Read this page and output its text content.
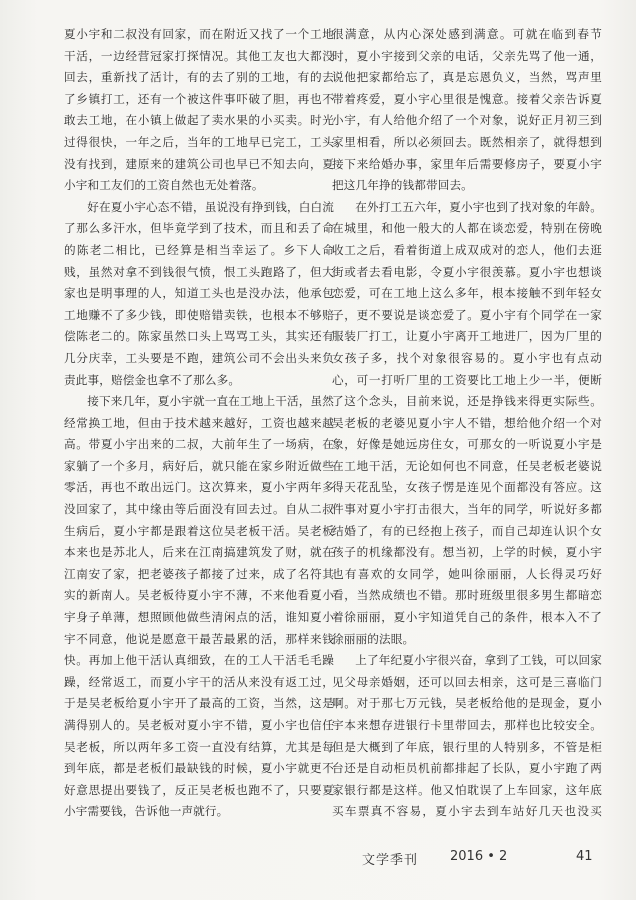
夏小宇和二叔没有回家，而在附近又找了一个工地干活，一边经营冠家打探情况。其他工友也大都没回去，重新找了活计，有的去了别的工地，有的去了乡镇打工，还有一个被这件事吓破了胆，再也不敢去工地，在小镇上做起了卖水果的小买卖。时光过得很快，一年之后，当年的工地早已完工，工头没有找到，建原来的建筑公司也早已不知去向，夏小宇和工友们的工资自然也无处着落。

好在夏小宇心态不错，虽说没有挣到钱，白白流了那么多汗水，但毕竟学到了技术，而且和丢了命的陈老二相比，已经算是相当幸运了。乡下人命贱，虽然对拿不到钱很气愤，恨工头跑路了，但大家也是明事理的人，知道工头也是没办法，他承包工地赚不了多少钱，即使赔错卖铁，也根本不够赔偿陈老二的。陈家虽然口头上骂骂工头，其实还有几分庆幸，工头要是不跑，建筑公司不会出头来负责此事，赔偿金也拿不了那么多。

接下来几年，夏小宇就一直在工地上干活，虽然经常换工地，但由于技术越来越好，工资也越来越高。带夏小宇出来的二叔，大前年生了一场病，在家躺了一个多月，病好后，就只能在家乡附近做些零活，再也不敢出远门。这次算来，夏小宇两年多没回家了，其中缘由等后面没有回去过。自从二叔生病后，夏小宇都是跟着这位吴老板干活。吴老板本来也是苏北人，后来在江南搞建筑发了财，就在江南安了家，把老婆孩子都接了过来，成了名符其实的新南人。吴老板待夏小宇不薄，不来他看夏小宇身子单薄，想照顾他做些清闲点的活，谁知夏小宇不同意，他说是愿意干最苦最累的活，那样来钱快。再加上他干活认真细致，在的工人干活毛毛躁躁，经常返工，而夏小宇干的活从来没有返工过，于是吴老板给夏小宇开了最高的工资，当然，这是满得别人的。吴老板对夏小宇不错，夏小宇也信任吴老板，所以两年多工资一直没有结算，尤其是每到年底，都是老板们最缺钱的时候，夏小宇就更不好意思提出要钱了，反正吴老板也跑不了，只要夏小宇需要钱，告诉他一声就行。

很满意，从内心深处感到满意。可就在临到春节时，夏小宇接到父亲的电话，父亲先骂了他一通，说他把家都给忘了，真是忘恩负义，当然，骂声里带着疼爱，夏小宇心里很是愧意。接着父亲告诉夏小宇，有人给他介绍了一个对象，说好正月初三到家里相看，所以必须回去。既然相亲了，就得想到接下来给婚办事，家里年后需要修房子，要夏小宇把这几年挣的钱都带回去。

在外打工五六年，夏小宇也到了找对象的年龄。在城里，和他一般大的人都在谈恋爱，特别在傍晚收工之后，看着街道上成双成对的恋人，他们去逛街或者去看电影，令夏小宇很羡慕。夏小宇也想谈恋爱，可在工地上这么多年，根本接触不到年轻女子，更不要说是谈恋爱了。夏小宇有个同学在一家服装厂打工，让夏小宇离开工地进厂，因为厂里的女孩子多，找个对象很容易的。夏小宇也有点动心，可一打听厂里的工资要比工地上少一半，便断了这个念头，目前来说，还是挣钱来得更实际些。吴老板的老婆见夏小宇人不错，想给他介绍一个对象，好像是她远房住女，可那女的一听说夏小宇是在工地干活，无论如何也不同意，任吴老板老婆说得天花乱坠，女孩子愣是连见个面都没有答应。这件事对夏小宇打击很大，当年的同学，听说好多都结婚了，有的已经抱上孩子，而自己却连认识个女孩子的机缘都没有。想当初，上学的时候，夏小宇也有喜欢的女同学，她叫徐丽丽，人长得灵巧好看，当然成绩也不错。那时班级里很多男生都暗恋着徐丽丽，夏小宇知道凭自己的条件，根本入不了徐丽丽的法眼。

上了年纪夏小宇很兴奋，拿到了工钱，可以回家见父母亲婚姻，还可以回去相亲，这可是三喜临门啊。对于那七万元钱，吴老板给他的是现金，夏小宇本来想存进银行卡里带回去，那样也比较安全。但是大概到了年底，银行里的人特别多，不管是柜台还是自动柜员机前都排起了长队，夏小宇跑了两家银行都是这样。他又怕耽误了上车回家，这年底买车票真不容易，夏小宇去到车站好几天也没买

文学季刊 2016 • 2	41
